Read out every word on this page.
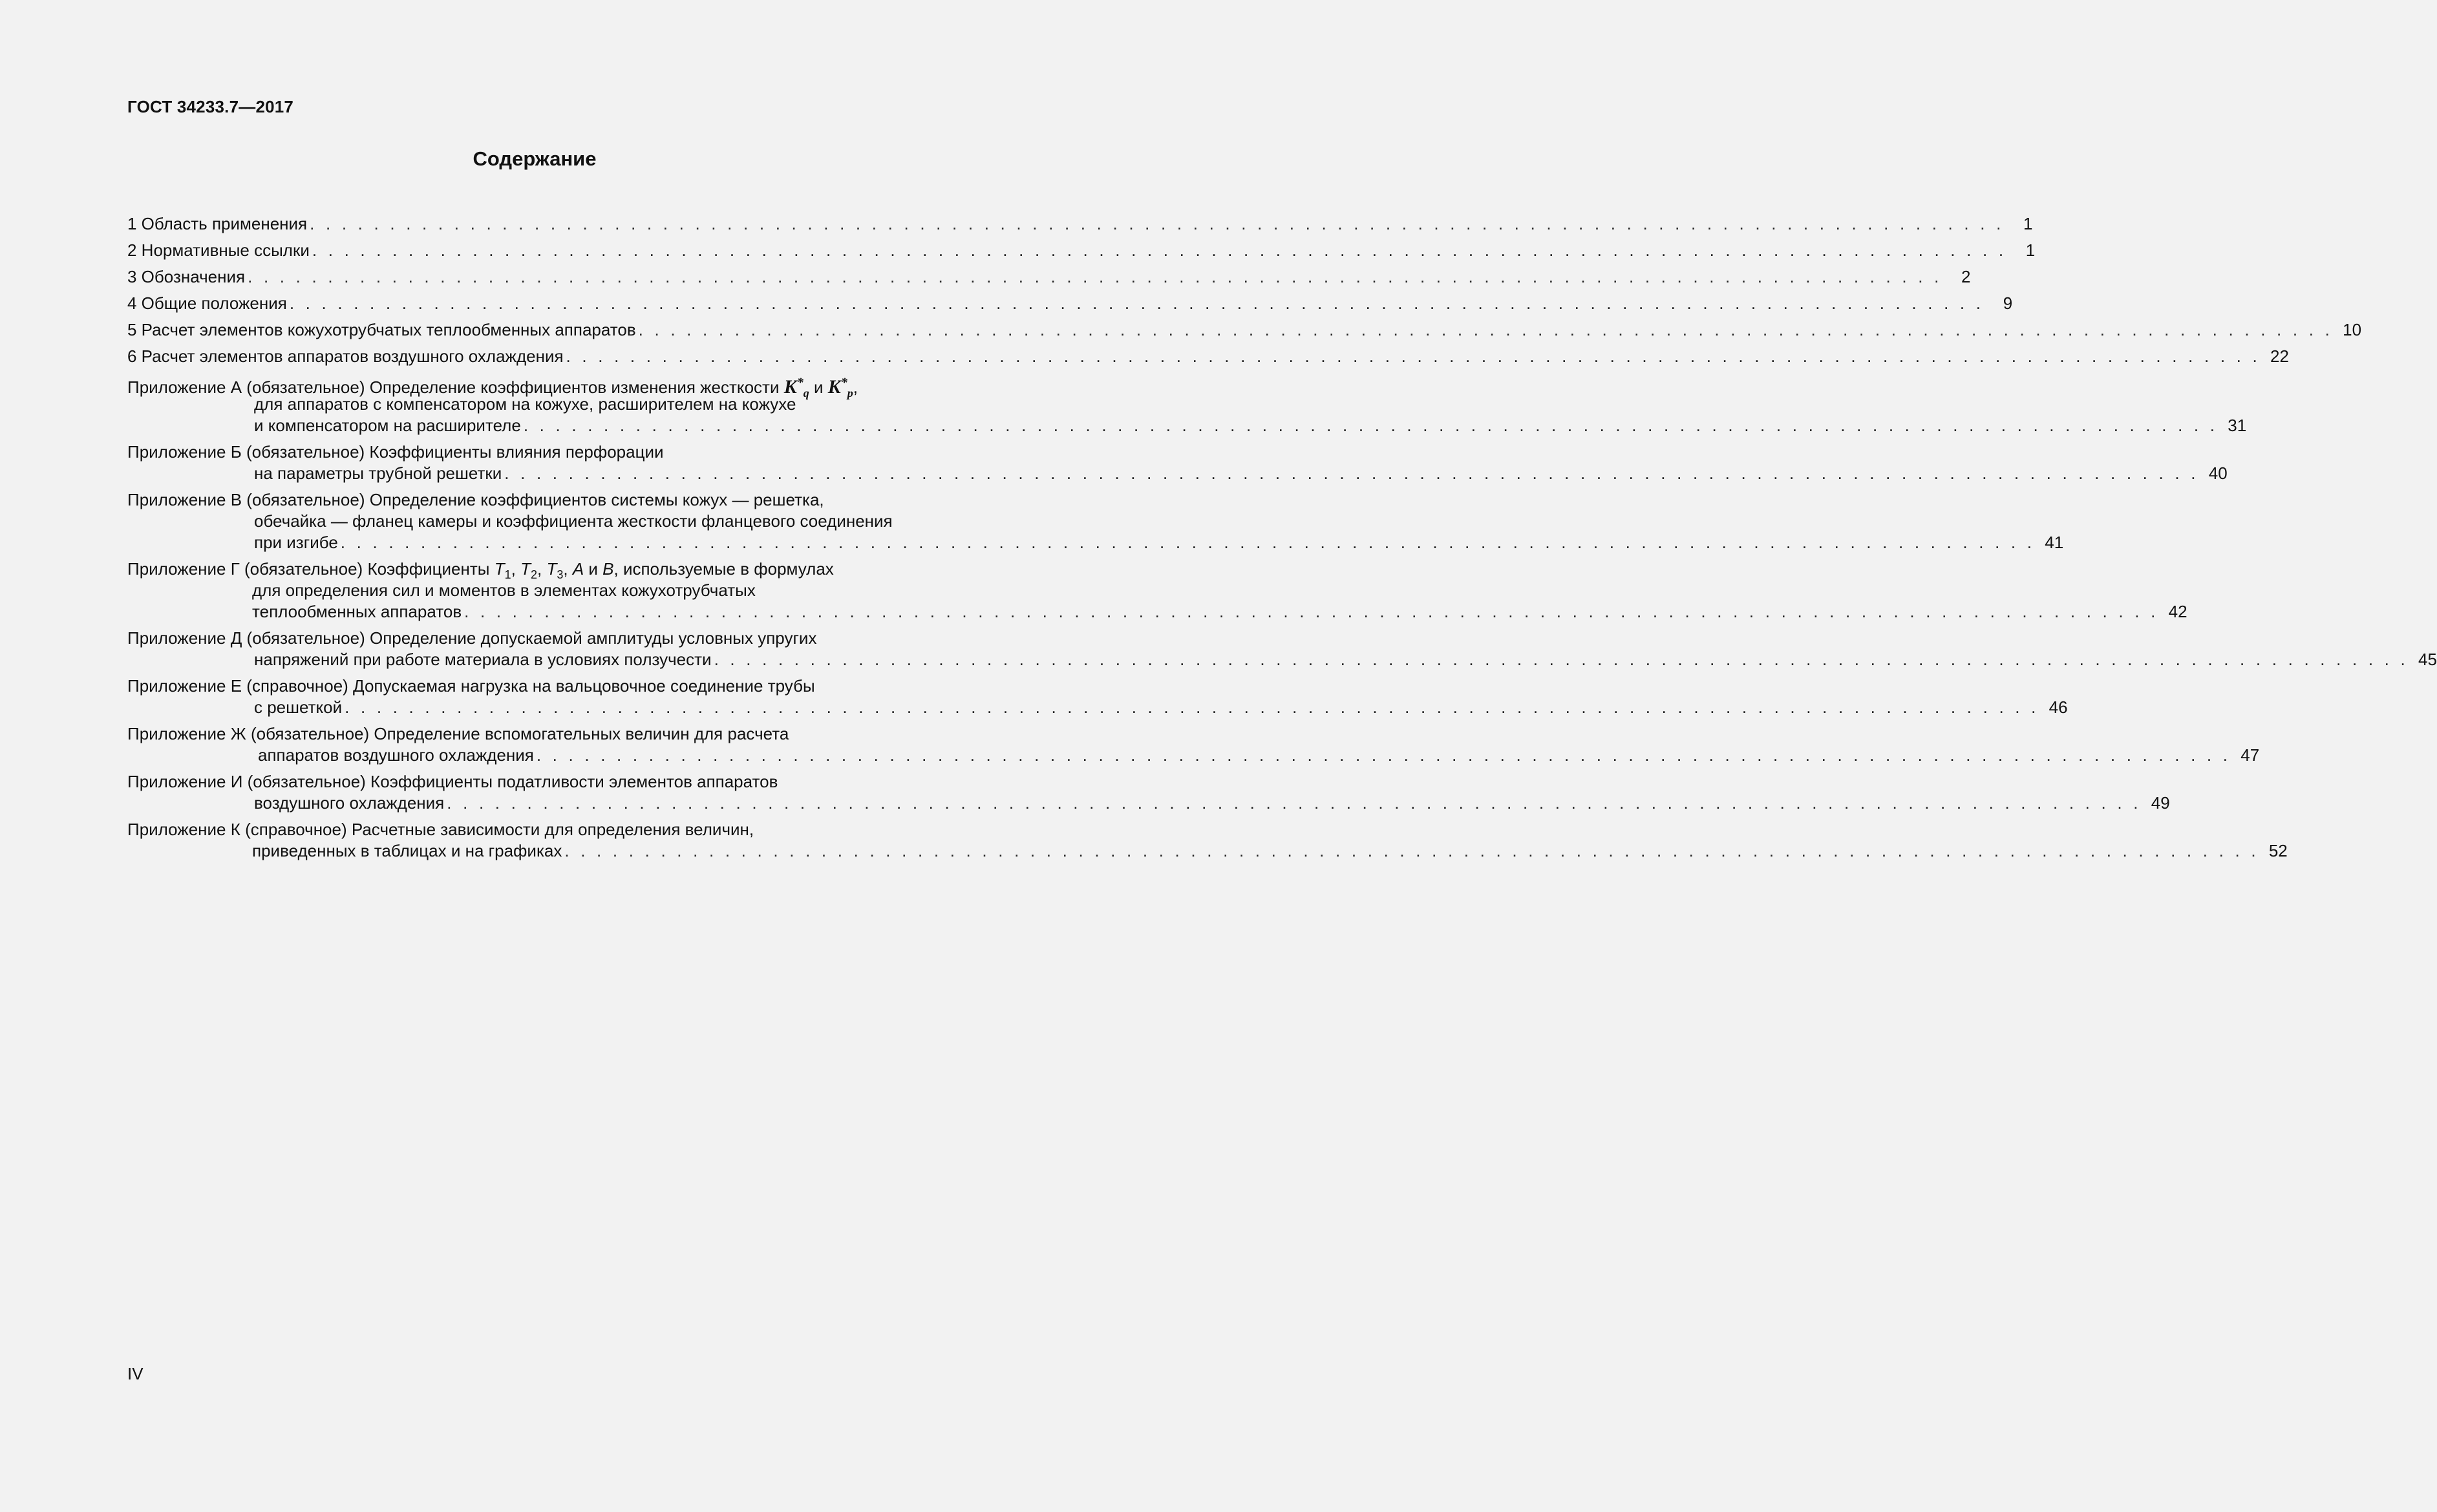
ГОСТ 34233.7—2017
Содержание
1 Область применения . . . . . . . . . . . . . . . . . . . . . . . . . . . . . . . . . . . . . . . . . . . . . . . . . . . . . . . . . . . . . . . . . . . . . . . . . . . . . . . . . . . . . . . . . . . . . . . . . . . . . . . . . .	1
2 Нормативные ссылки . . . . . . . . . . . . . . . . . . . . . . . . . . . . . . . . . . . . . . . . . . . . . . . . . . . . . . . . . . . . . . . . . . . . . . . . . . . . . . . . . . . . . . . . . . . . . . . . . . . . . . . . . .	1
3 Обозначения . . . . . . . . . . . . . . . . . . . . . . . . . . . . . . . . . . . . . . . . . . . . . . . . . . . . . . . . . . . . . . . . . . . . . . . . . . . . . . . . . . . . . . . . . . . . . . . . . . . . . . . . . .	2
4 Общие положения . . . . . . . . . . . . . . . . . . . . . . . . . . . . . . . . . . . . . . . . . . . . . . . . . . . . . . . . . . . . . . . . . . . . . . . . . . . . . . . . . . . . . . . . . . . . . . . . . . . . . . . . . .	9
5 Расчет элементов кожухотрубчатых теплообменных аппаратов . . . . . . . . . . . . . . . . . . . . . . . . . . . . . . . . . . . . . . . . . . . . . . . . . . . . . . . . . . . . . . . . . . . . . . . . . . . . . . . . . . . . . . . . . . . . . . . . . . . . . . . . . . 10
6 Расчет элементов аппаратов воздушного охлаждения . . . . . . . . . . . . . . . . . . . . . . . . . . . . . . . . . . . . . . . . . . . . . . . . . . . . . . . . . . . . . . . . . . . . . . . . . . . . . . . . . . . . . . . . . . . . . . . . . . . . . . . . . . 22
Приложение А (обязательное) Определение коэффициентов изменения жесткости $K^*_q$ и $K^*_p$,
для аппаратов с компенсатором на кожухе, расширителем на кожухе
и компенсатором на расширителе . . . . . . . . . . . . . . . . . . . . . . . . . . . . . . . . . . . . . . . . . . . . . . . . . . . . . . . . . . . . . . . . . . . . . . . . . . . . . . . . . . . . . . . . . . . . . . . . . . . . . . . . . . 31
Приложение Б (обязательное) Коэффициенты влияния перфорации
на параметры трубной решетки . . . . . . . . . . . . . . . . . . . . . . . . . . . . . . . . . . . . . . . . . . . . . . . . . . . . . . . . . . . . . . . . . . . . . . . . . . . . . . . . . . . . . . . . . . . . . . . . . . . . . . . . . . 40
Приложение В (обязательное) Определение коэффициентов системы кожух — решетка,
обечайка — фланец камеры и коэффициента жесткости фланцевого соединения
при изгибе . . . . . . . . . . . . . . . . . . . . . . . . . . . . . . . . . . . . . . . . . . . . . . . . . . . . . . . . . . . . . . . . . . . . . . . . . . . . . . . . . . . . . . . . . . . . . . . . . . . . . . . . . . 41
Приложение Г (обязательное) Коэффициенты $T_1$, $T_2$, $T_3$, A и B, используемые в формулах
для определения сил и моментов в элементах кожухотрубчатых
теплообменных аппаратов . . . . . . . . . . . . . . . . . . . . . . . . . . . . . . . . . . . . . . . . . . . . . . . . . . . . . . . . . . . . . . . . . . . . . . . . . . . . . . . . . . . . . . . . . . . . . . . . . . . . . . . . . . 42
Приложение Д (обязательное) Определение допускаемой амплитуды условных упругих
напряжений при работе материала в условиях ползучести . . . . . . . . . . . . . . . . . . . . . . . . . . . . . . . . . . . . . . . . . . . . . . . . . . . . . . . . . . . . . . . . . . . . . . . . . . . . . . . . . . . . . . . . . . . . . . . . . . . . . . . . . . 45
Приложение Е (справочное) Допускаемая нагрузка на вальцовочное соединение трубы
с решеткой . . . . . . . . . . . . . . . . . . . . . . . . . . . . . . . . . . . . . . . . . . . . . . . . . . . . . . . . . . . . . . . . . . . . . . . . . . . . . . . . . . . . . . . . . . . . . . . . . . . . . . . . . . 46
Приложение Ж (обязательное) Определение вспомогательных величин для расчета
аппаратов воздушного охлаждения . . . . . . . . . . . . . . . . . . . . . . . . . . . . . . . . . . . . . . . . . . . . . . . . . . . . . . . . . . . . . . . . . . . . . . . . . . . . . . . . . . . . . . . . . . . . . . . . . . . . . . . . . . 47
Приложение И (обязательное) Коэффициенты податливости элементов аппаратов
воздушного охлаждения . . . . . . . . . . . . . . . . . . . . . . . . . . . . . . . . . . . . . . . . . . . . . . . . . . . . . . . . . . . . . . . . . . . . . . . . . . . . . . . . . . . . . . . . . . . . . . . . . . . . . . . . . . 49
Приложение К (справочное) Расчетные зависимости для определения величин,
приведенных в таблицах и на графиках . . . . . . . . . . . . . . . . . . . . . . . . . . . . . . . . . . . . . . . . . . . . . . . . . . . . . . . . . . . . . . . . . . . . . . . . . . . . . . . . . . . . . . . . . . . . . . . . . . . . . . . . . . 52
IV
